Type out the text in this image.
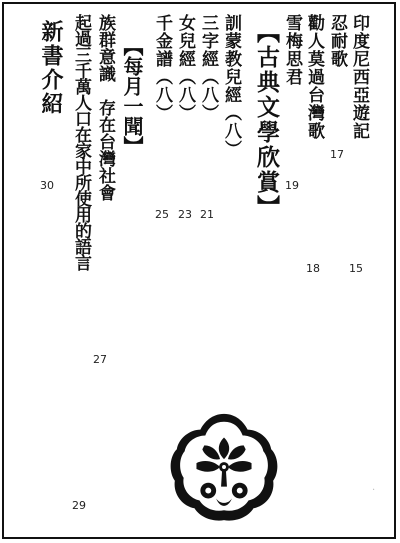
印度尼西亞遊記
15
忍耐歌
17
勸人莫過台灣歌
18
雪梅思君
19
【古典文學欣賞】
訓蒙教兒經（八）
三字經（八）
21
女兒經（八）
23
千金譜（八）
25
【每月一聞】
族群意識　存在台灣社會
27
起過三千萬人口在家中所使用的語言
29
新書介紹
30
.
